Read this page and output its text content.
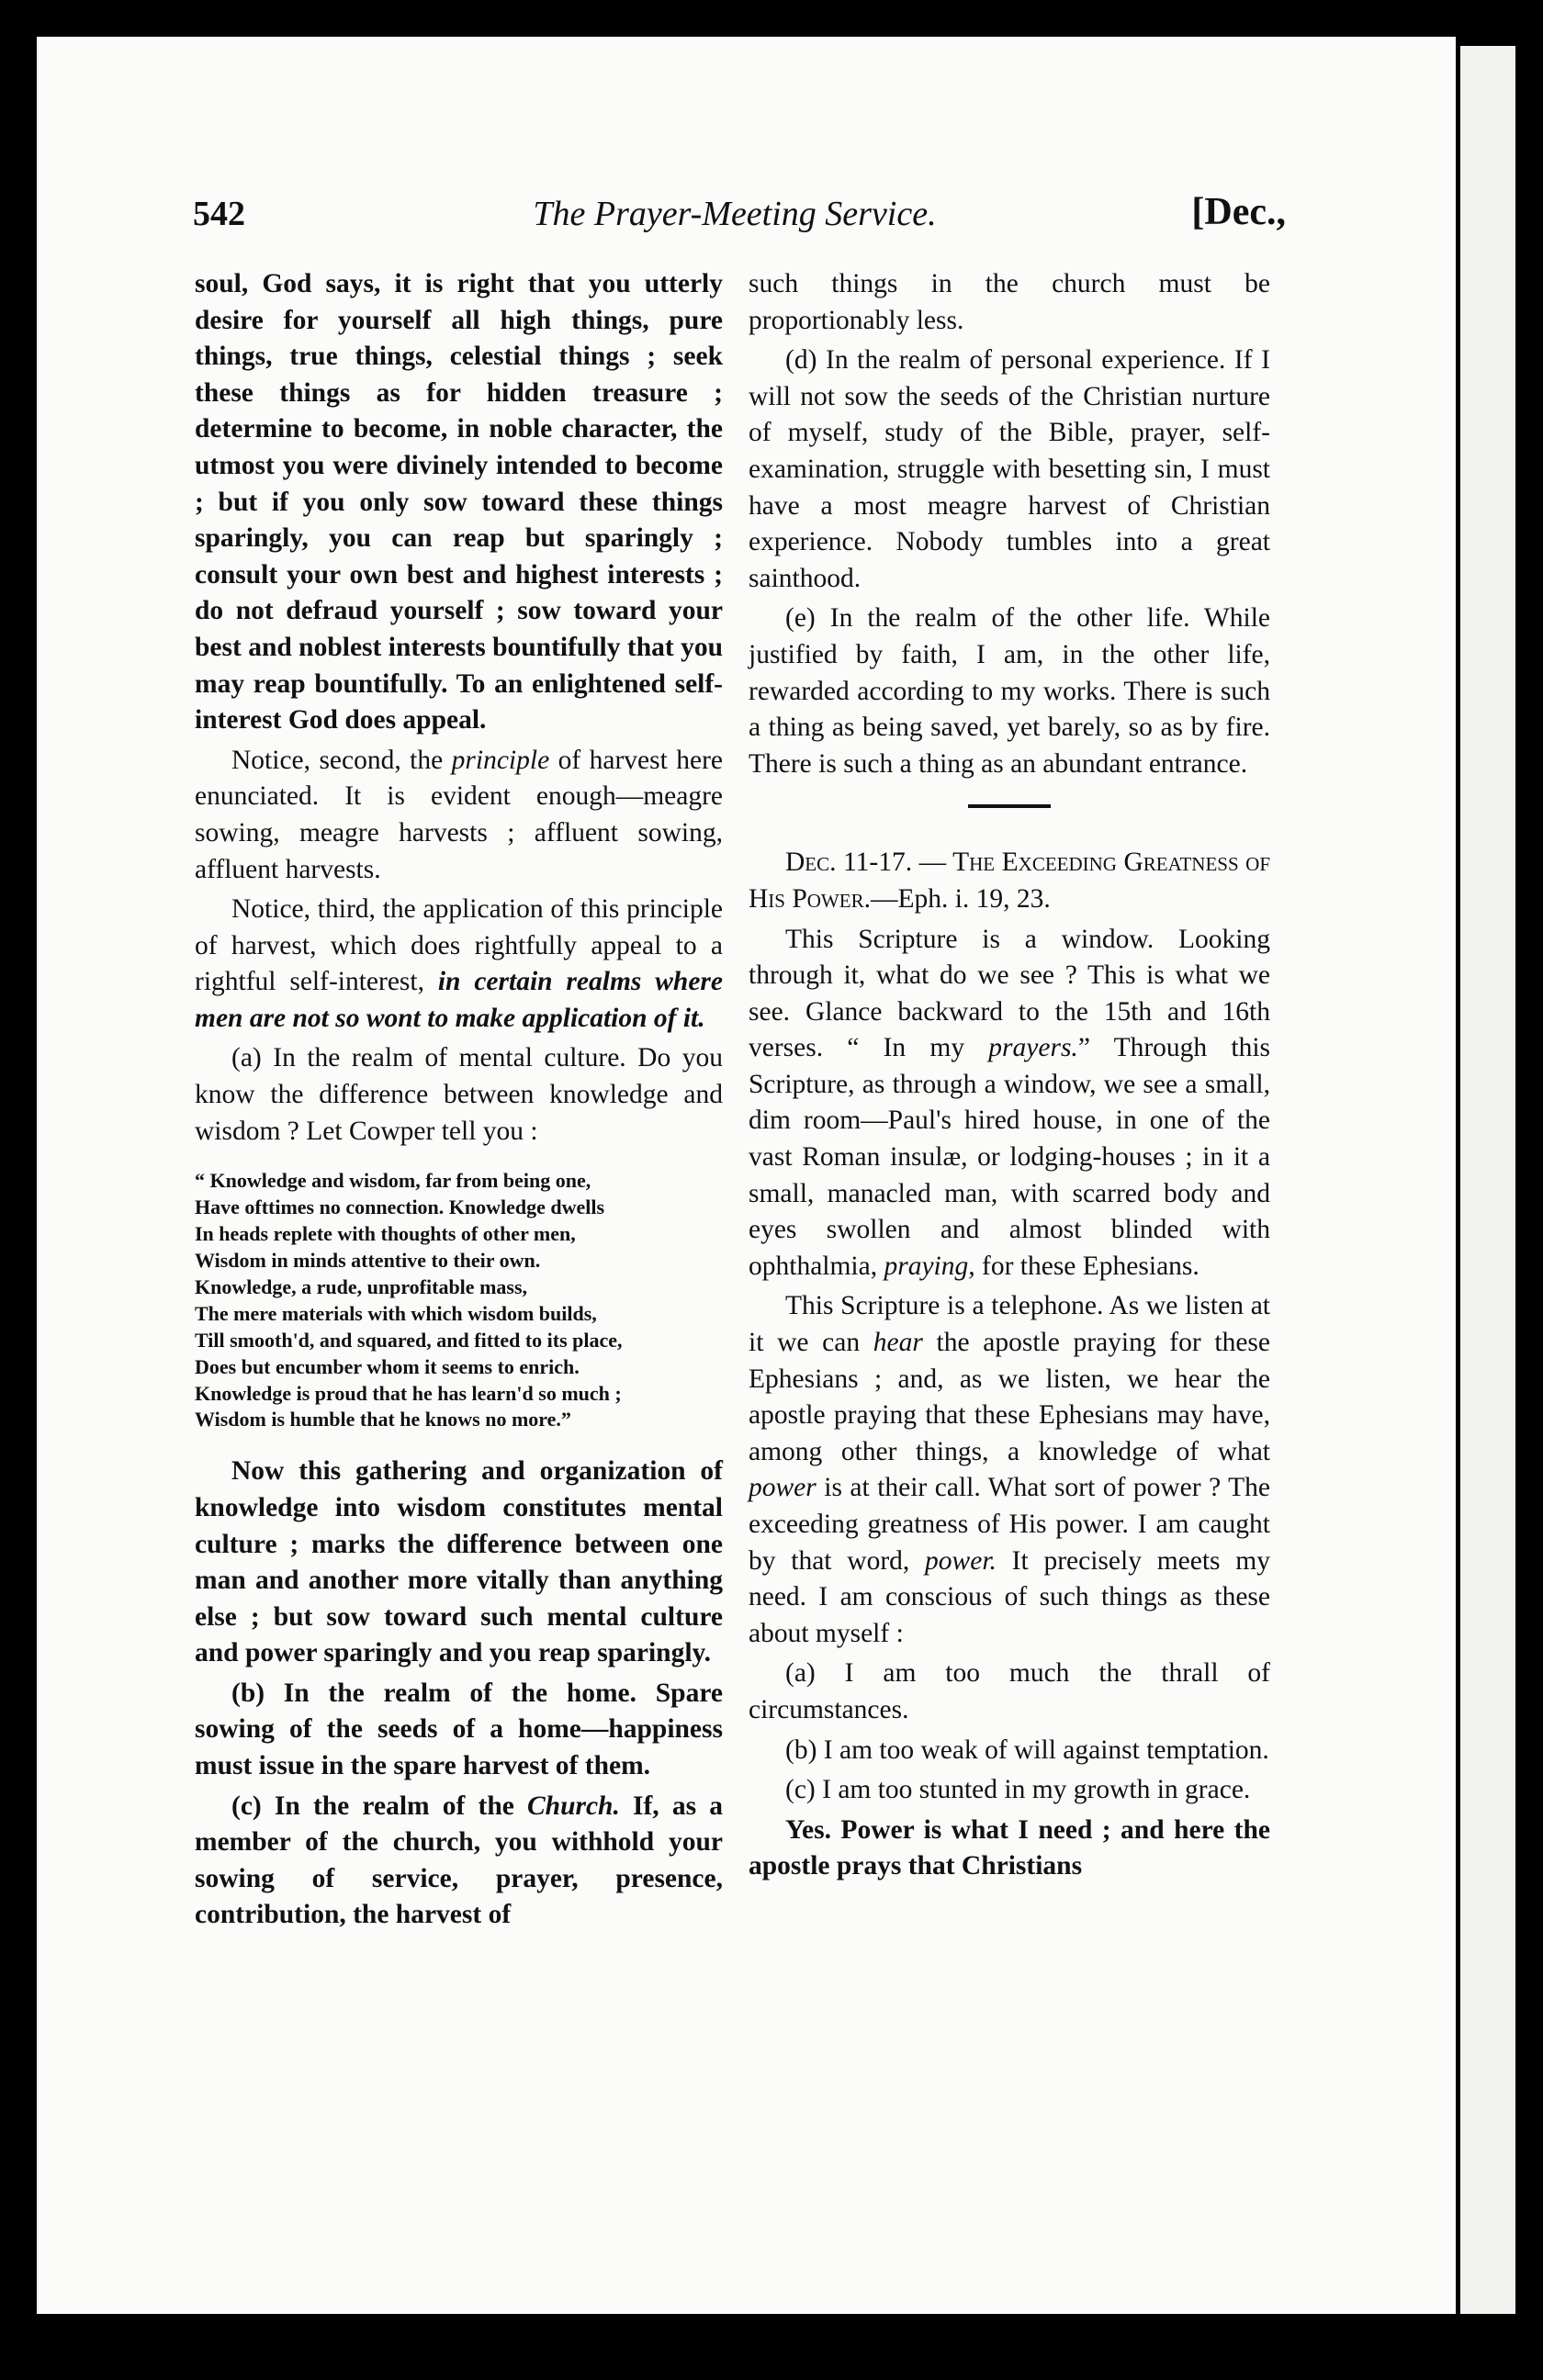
542	The Prayer-Meeting Service.	[Dec.,

soul, God says, it is right that you utterly desire for yourself all high things, pure things, true things, celestial things ; seek these things as for hidden treasure ; determine to become, in noble character, the utmost you were divinely intended to become ; but if you only sow toward these things sparingly, you can reap but sparingly ; consult your own best and highest interests ; do not defraud yourself ; sow toward your best and noblest interests bountifully that you may reap bountifully. To an enlightened self-interest God does appeal.

Notice, second, the principle of harvest here enunciated. It is evident enough—meagre sowing, meagre harvests ; affluent sowing, affluent harvests.

Notice, third, the application of this principle of harvest, which does rightfully appeal to a rightful self-interest, in certain realms where men are not so wont to make application of it.

(a) In the realm of mental culture. Do you know the difference between knowledge and wisdom ? Let Cowper tell you :

“ Knowledge and wisdom, far from being one,
Have ofttimes no connection. Knowledge dwells
In heads replete with thoughts of other men,
Wisdom in minds attentive to their own.
Knowledge, a rude, unprofitable mass,
The mere materials with which wisdom builds,
Till smooth'd, and squared, and fitted to its place,
Does but encumber whom it seems to enrich.
Knowledge is proud that he has learn'd so much ;
Wisdom is humble that he knows no more.”

Now this gathering and organization of knowledge into wisdom constitutes mental culture ; marks the difference between one man and another more vitally than anything else ; but sow toward such mental culture and power sparingly and you reap sparingly.

(b) In the realm of the home. Spare sowing of the seeds of a home—happiness must issue in the spare harvest of them.

(c) In the realm of the Church. If, as a member of the church, you withhold your sowing of service, prayer, presence, contribution, the harvest of

such things in the church must be proportionably less.

(d) In the realm of personal experience. If I will not sow the seeds of the Christian nurture of myself, study of the Bible, prayer, self-examination, struggle with besetting sin, I must have a most meagre harvest of Christian experience. Nobody tumbles into a great sainthood.

(e) In the realm of the other life. While justified by faith, I am, in the other life, rewarded according to my works. There is such a thing as being saved, yet barely, so as by fire. There is such a thing as an abundant entrance.

Dec. 11-17. — The Exceeding Greatness of His Power.—Eph. i. 19, 23.

This Scripture is a window. Looking through it, what do we see ? This is what we see. Glance backward to the 15th and 16th verses. “ In my prayers.” Through this Scripture, as through a window, we see a small, dim room—Paul's hired house, in one of the vast Roman insulæ, or lodging-houses ; in it a small, manacled man, with scarred body and eyes swollen and almost blinded with ophthalmia, praying, for these Ephesians.

This Scripture is a telephone. As we listen at it we can hear the apostle praying for these Ephesians ; and, as we listen, we hear the apostle praying that these Ephesians may have, among other things, a knowledge of what power is at their call. What sort of power ? The exceeding greatness of His power. I am caught by that word, power. It precisely meets my need. I am conscious of such things as these about myself :

(a) I am too much the thrall of circumstances.

(b) I am too weak of will against temptation.

(c) I am too stunted in my growth in grace.

Yes. Power is what I need ; and here the apostle prays that Christians
